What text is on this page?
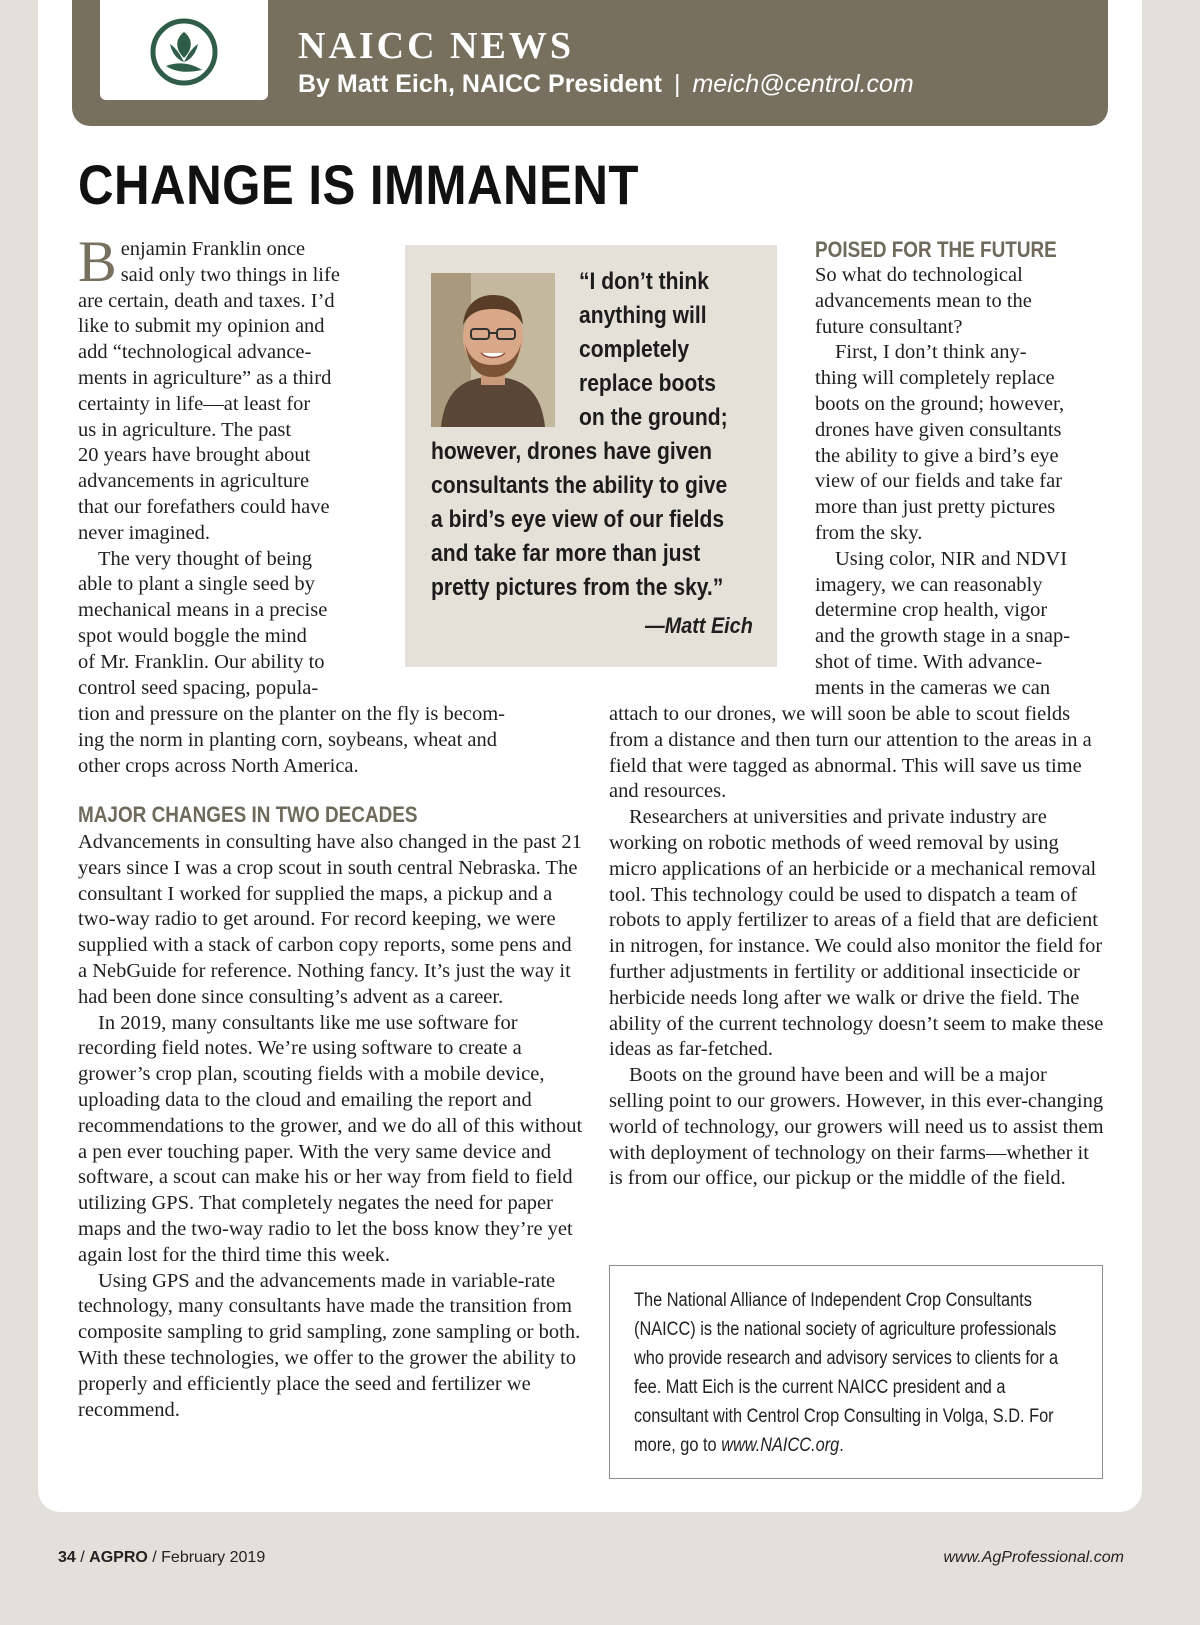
NAICC NEWS
By Matt Eich, NAICC President | meich@centrol.com
CHANGE IS IMMANENT
B enjamin Franklin once
said only two things in life
are certain, death and taxes. I’d
like to submit my opinion and
add “technological advance-
ments in agriculture” as a third
certainty in life—at least for
us in agriculture. The past
20 years have brought about
advancements in agriculture
that our forefathers could have
never imagined.
The very thought of being
able to plant a single seed by
mechanical means in a precise
spot would boggle the mind
of Mr. Franklin. Our ability to
control seed spacing, popula-
tion and pressure on the planter on the fly is becom-
ing the norm in planting corn, soybeans, wheat and
other crops across North America.
MAJOR CHANGES IN TWO DECADES

Advancements in consulting have also changed in the past 21 years since I was a crop scout in south central Nebraska. The consultant I worked for supplied the maps, a pickup and a two-way radio to get around. For record keeping, we were supplied with a stack of carbon copy reports, some pens and a NebGuide for reference. Nothing fancy. It’s just the way it had been done since consulting’s advent as a career.

In 2019, many consultants like me use software for recording field notes. We’re using software to create a grower’s crop plan, scouting fields with a mobile device, uploading data to the cloud and emailing the report and recommendations to the grower, and we do all of this without a pen ever touching paper. With the very same device and software, a scout can make his or her way from field to field utilizing GPS. That completely negates the need for paper maps and the two-way radio to let the boss know they’re yet again lost for the third time this week.

Using GPS and the advancements made in variable-rate technology, many consultants have made the transition from composite sampling to grid sampling, zone sampling or both. With these technologies, we offer to the grower the ability to properly and efficiently place the seed and fertilizer we recommend.

“I don’t think
anything will
completely
replace boots
on the ground;
however, drones have given
consultants the ability to give
a bird’s eye view of our fields
and take far more than just
pretty pictures from the sky.”
—Matt Eich
POISED FOR THE FUTURE
So what do technological
advancements mean to the
future consultant?
First, I don’t think any-
thing will completely replace
boots on the ground; however,
drones have given consultants
the ability to give a bird’s eye
view of our fields and take far
more than just pretty pictures
from the sky.
Using color, NIR and NDVI
imagery, we can reasonably
determine crop health, vigor
and the growth stage in a snap-
shot of time. With advance-
ments in the cameras we can

attach to our drones, we will soon be able to scout fields from a distance and then turn our attention to the areas in a field that were tagged as abnormal. This will save us time and resources.

Researchers at universities and private industry are working on robotic methods of weed removal by using micro applications of an herbicide or a mechanical removal tool. This technology could be used to dispatch a team of robots to apply fertilizer to areas of a field that are deficient in nitrogen, for instance. We could also monitor the field for further adjustments in fertility or additional insecticide or herbicide needs long after we walk or drive the field. The ability of the current technology doesn’t seem to make these ideas as far-fetched.

Boots on the ground have been and will be a major selling point to our growers. However, in this ever-changing world of technology, our growers will need us to assist them with deployment of technology on their farms—whether it is from our office, our pickup or the middle of the field.

The National Alliance of Independent Crop Consultants (NAICC) is the national society of agriculture professionals who provide research and advisory services to clients for a fee. Matt Eich is the current NAICC president and a consultant with Centrol Crop Consulting in Volga, S.D. For more, go to www.NAICC.org.
34 / AGPRO / February 2019	www.AgProfessional.com
